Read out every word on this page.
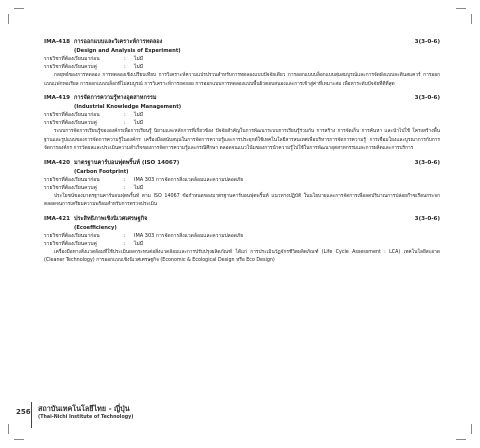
IMA-418 การออกแบบและวิเคราะห์การทดลอง	3(3-0-6)
(Design and Analysis of Experiment)
รายวิชาที่ต้องเรียนมาก่อน	: ไม่มี
รายวิชาที่ต้องเรียนควบคู่	: ไม่มี
กลยุทธ์ของการทดลอง การทดลองเชิงเปรียบเทียบ การวิเคราะห์ความแปรปรวนสำหรับการทดลองแบบปัจจัยเดียว การออกแบบบล็อกแบบสุ่มสมบูรณ์และการจัดผังแบบละตินสแควร์ การออกแบบแฟกทอเรียล การออกแบบบล็อกที่ไม่สมบูรณ์ การวิเคราะห์การถดถอย การออกแบบการทดลองแบบพื้นผิวตอบสนองและการเข้าสู่ค่าที่เหมาะสม เพื่อหาระดับปัจจัยที่ดีที่สุด
IMA-419 การจัดการความรู้ทางอุตสาหกรรม	3(3-0-6)
(Industrial Knowledge Management)
รายวิชาที่ต้องเรียนมาก่อน	: ไม่มี
รายวิชาที่ต้องเรียนควบคู่	: ไม่มี
ระบบการจัดการเรียนรู้ขององค์กรเพื่อการเรียนรู้ นิยามและหลักการที่เกี่ยวข้อง ปัจจัยสำคัญในการพัฒนาระบบการเรียนรู้ร่วมกัน การสร้าง การจัดเก็บ การค้นหา และนำไปใช้ โครงสร้างพื้นฐานและรูปแบบของการจัดการความรู้ในองค์กร เครื่องมือสนับสนุนในการจัดการความรู้และการประยุกต์ใช้เทคโนโลยีสารสนเทศเพื่อบริหารการจัดการความรู้ การเชื่อมโยงและบูรณาการกับการจัดการองค์กร การวัดผลและประเมินความสำเร็จของการจัดการความรู้และกรณีศึกษา ตลอดจนแนวโน้มของการนำความรู้ไปใช้ในการพัฒนาอุตสาหกรรมและการผลิตและการบริการ
IMA-420 มาตรฐานคาร์บอนฟุตพริ้นท์ (ISO 14067)	3(3-0-6)
(Carbon Footprint)
รายวิชาที่ต้องเรียนมาก่อน	: IMA 303 การจัดการสิ่งแวดล้อมและความปลอดภัย
รายวิชาที่ต้องเรียนควบคู่	: ไม่มี
ประโยชน์ของมาตรฐานคาร์บอนฟุตพริ้นท์ ตาม ISO 14067 ข้อกำหนดของมาตรฐานคาร์บอนฟุตพริ้นท์ แนวทางปฏิบัติ ในนโยบายและการจัดการเพื่อลดปริมาณการปล่อยก๊าซเรือนกระจก ตลอดจนการเตรียมความพร้อมสำหรับการตรวจประเมิน
IMA-421 ประสิทธิภาพเชิงนิเวศเศรษฐกิจ	3(3-0-6)
(Ecoefficiency)
รายวิชาที่ต้องเรียนมาก่อน	: IMA 303 การจัดการสิ่งแวดล้อมและความปลอดภัย
รายวิชาที่ต้องเรียนควบคู่	: ไม่มี
เครื่องมือทางสิ่งแวดล้อมที่ใช้ประเมินผลกระทบต่อสิ่งแวดล้อมและการปรับปรุงผลิตภัณฑ์ ได้แก่ การประเมินวัฏจักรชีวิตผลิตภัณฑ์ (Life Cycle Assessment : LCA) เทคโนโลยีสะอาด (Cleaner Technology) การออกแบบเชิงนิเวศเศรษฐกิจ (Economic & Ecological Design หรือ Eco Design)
256 สถาบันเทคโนโลยีไทย - ญี่ปุ่น
(Thai-Nichi Institute of Technology)
